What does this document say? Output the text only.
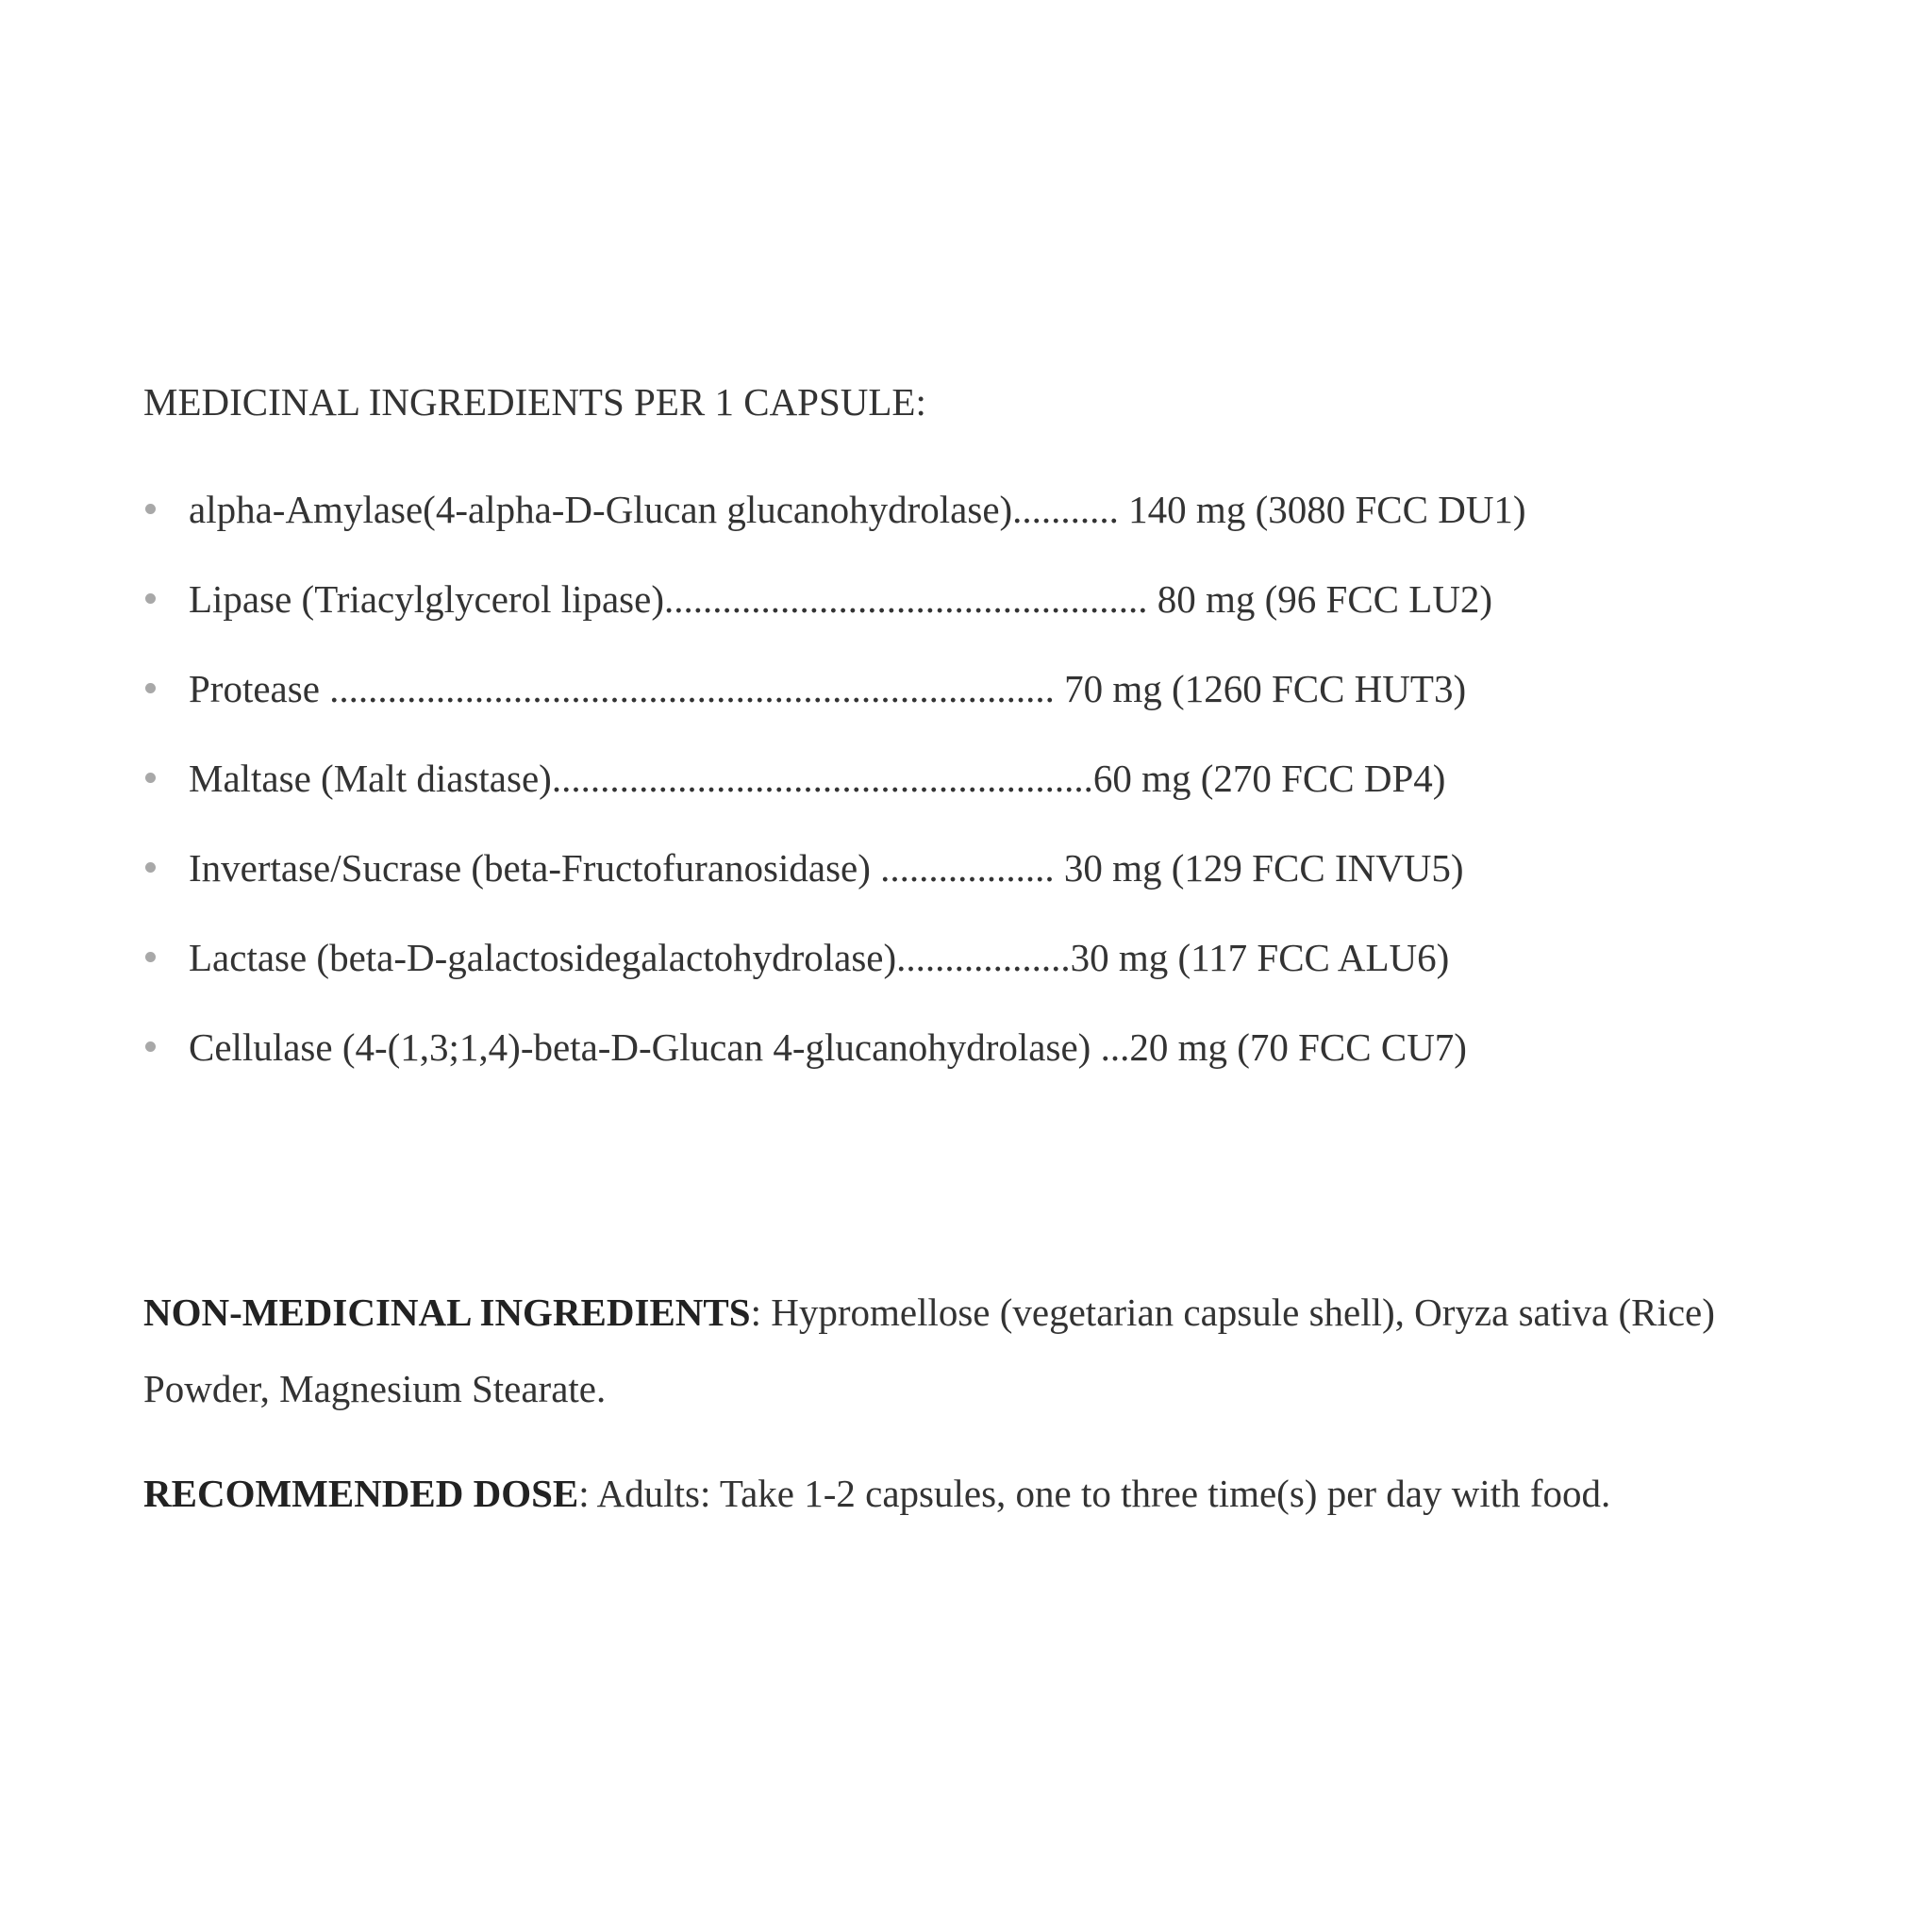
MEDICINAL INGREDIENTS PER 1 CAPSULE:
alpha-Amylase(4-alpha-D-Glucan glucanohydrolase)........... 140 mg (3080 FCC DU1)
Lipase (Triacylglycerol lipase).................................................. 80 mg (96 FCC LU2)
Protease ........................................................................... 70 mg (1260 FCC HUT3)
Maltase (Malt diastase)........................................................60 mg (270 FCC DP4)
Invertase/Sucrase (beta-Fructofuranosidase) .................. 30 mg (129 FCC INVU5)
Lactase (beta-D-galactosidegalactohydrolase)..................30 mg (117 FCC ALU6)
Cellulase (4-(1,3;1,4)-beta-D-Glucan 4-glucanohydrolase) ...20 mg (70 FCC CU7)

NON-MEDICINAL INGREDIENTS: Hypromellose (vegetarian capsule shell), Oryza sativa (Rice) Powder, Magnesium Stearate.

RECOMMENDED DOSE: Adults: Take 1-2 capsules, one to three time(s) per day with food.
